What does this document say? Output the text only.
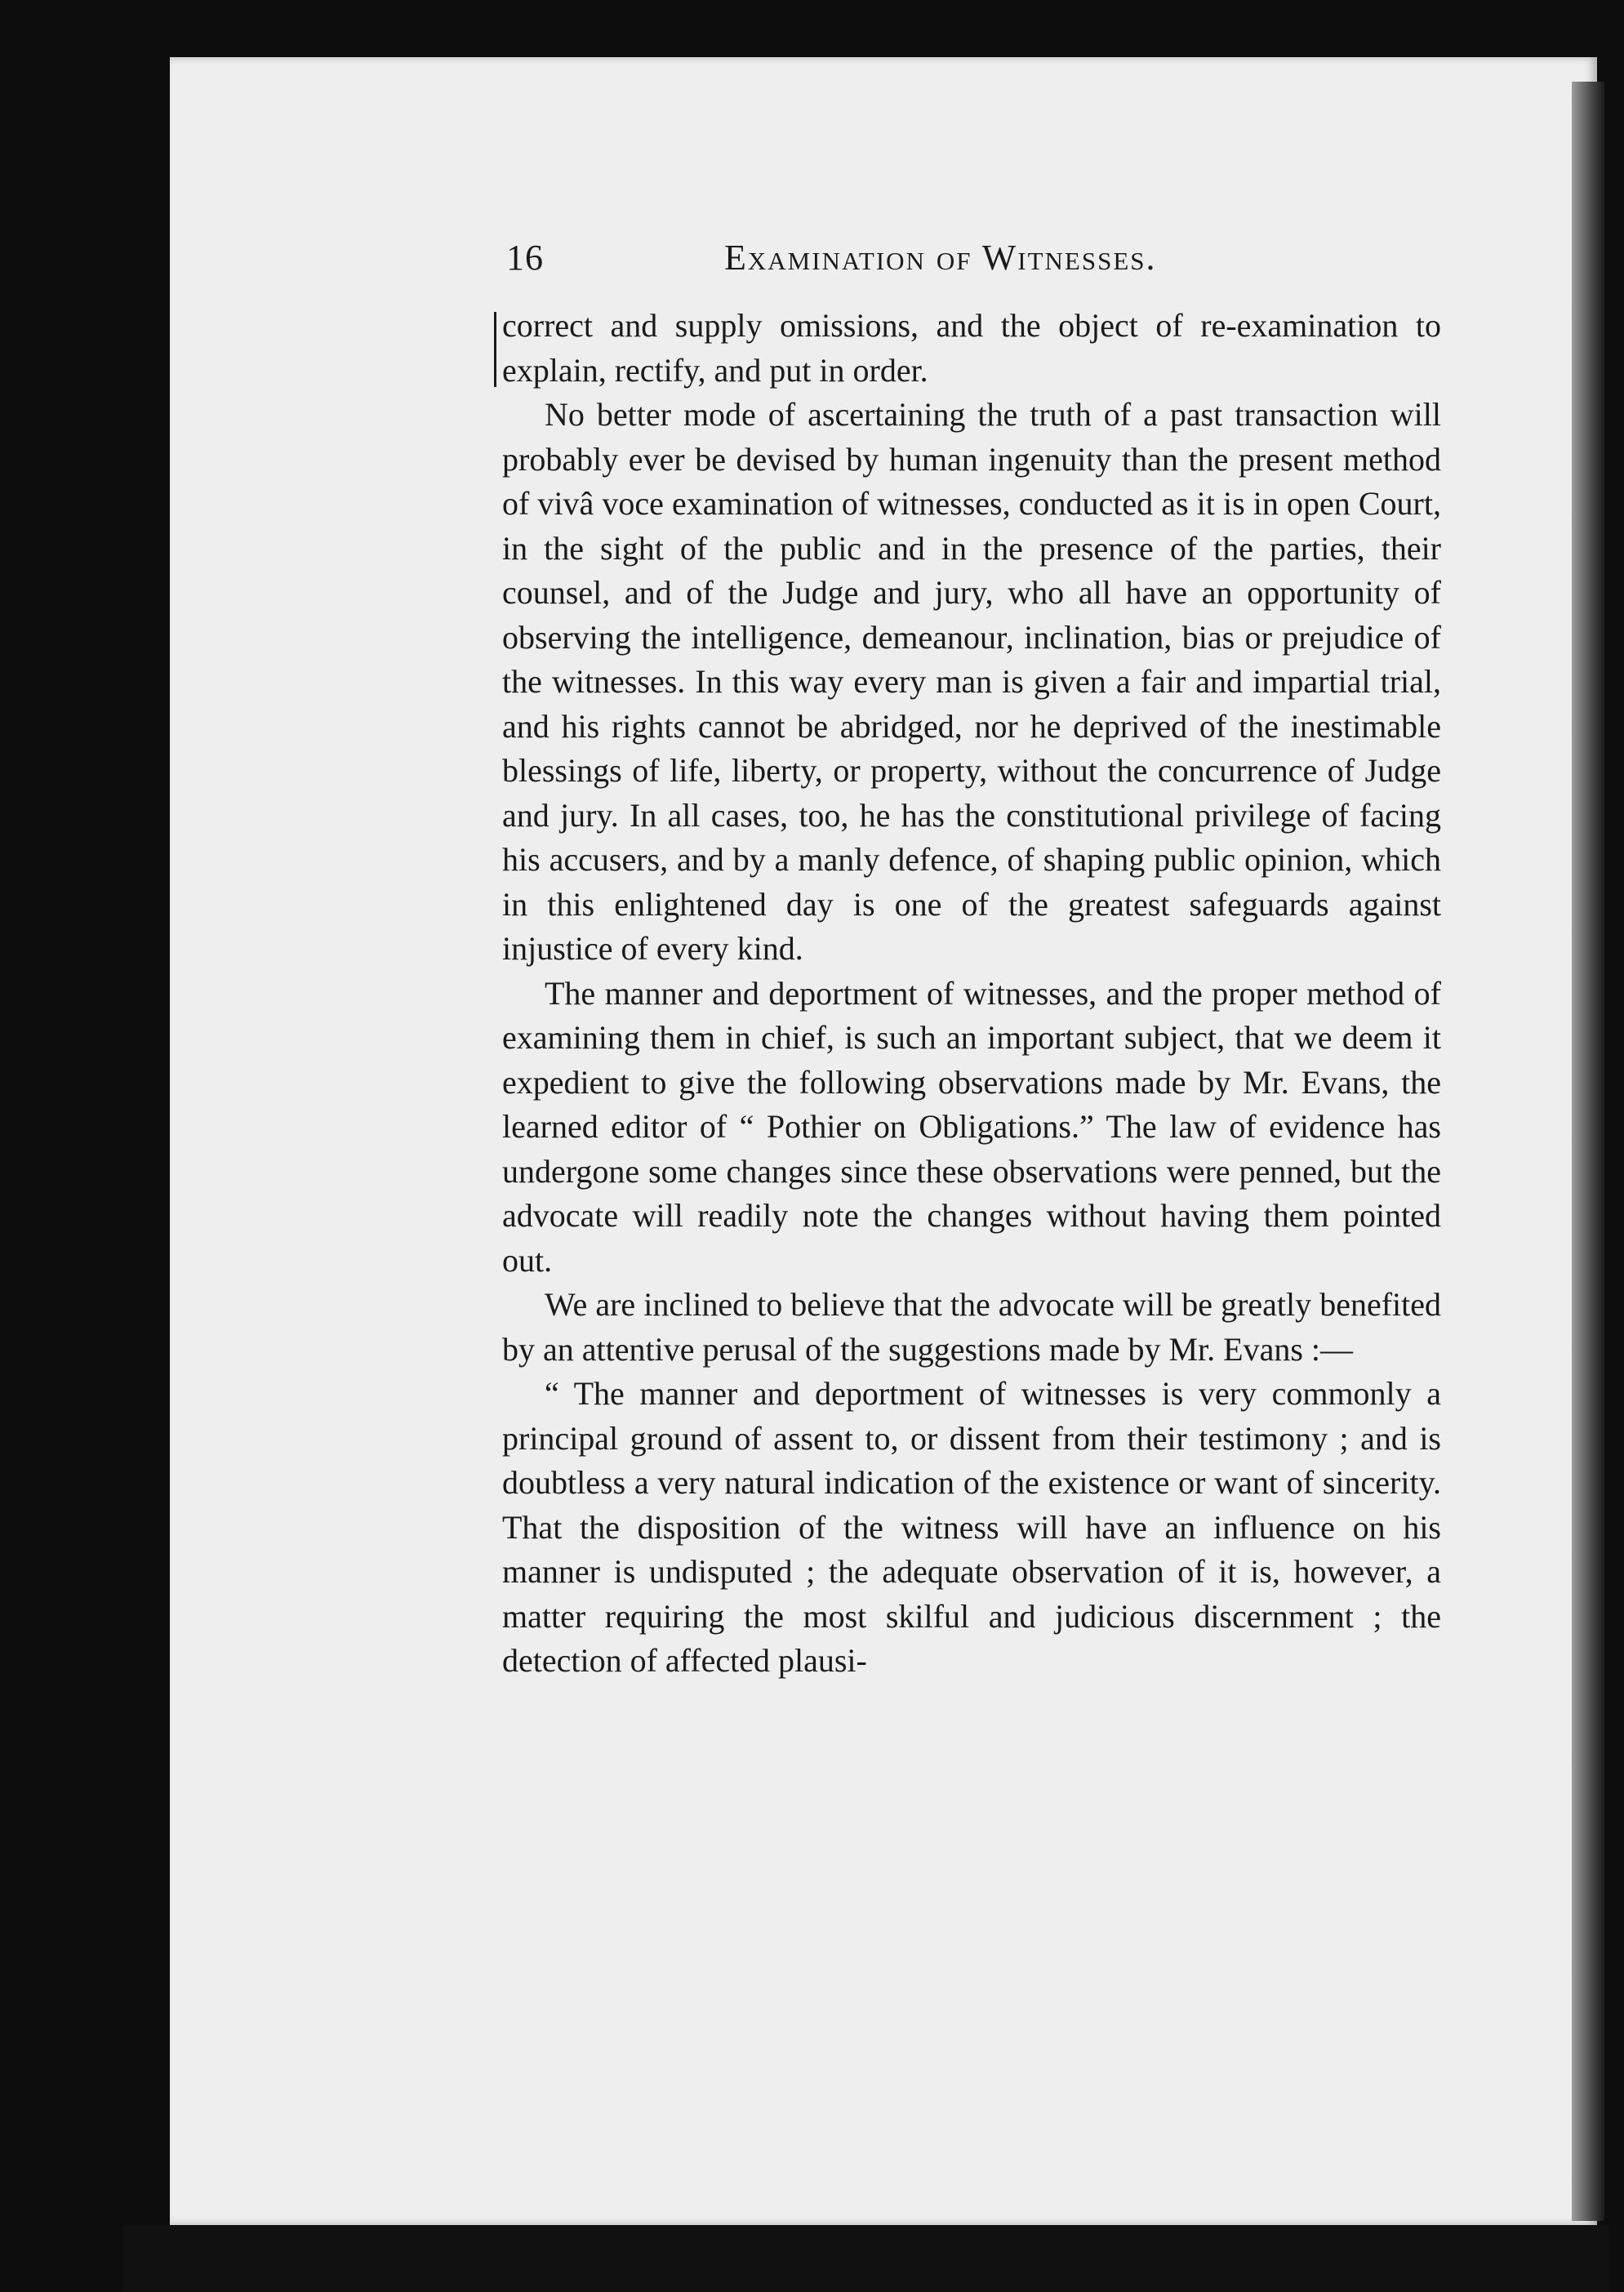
16	Examination of Witnesses.

correct and supply omissions, and the object of re-examination to explain, rectify, and put in order.

No better mode of ascertaining the truth of a past transaction will probably ever be devised by human ingenuity than the present method of vivâ voce examination of witnesses, conducted as it is in open Court, in the sight of the public and in the presence of the parties, their counsel, and of the Judge and jury, who all have an opportunity of observing the intelligence, demeanour, inclination, bias or prejudice of the witnesses. In this way every man is given a fair and impartial trial, and his rights cannot be abridged, nor he deprived of the inestimable blessings of life, liberty, or property, without the concurrence of Judge and jury. In all cases, too, he has the constitutional privilege of facing his accusers, and by a manly defence, of shaping public opinion, which in this enlightened day is one of the greatest safeguards against injustice of every kind.

The manner and deportment of witnesses, and the proper method of examining them in chief, is such an important subject, that we deem it expedient to give the following observations made by Mr. Evans, the learned editor of “ Pothier on Obligations.” The law of evidence has undergone some changes since these observations were penned, but the advocate will readily note the changes without having them pointed out.

We are inclined to believe that the advocate will be greatly benefited by an attentive perusal of the suggestions made by Mr. Evans :—

“ The manner and deportment of witnesses is very commonly a principal ground of assent to, or dissent from their testimony ; and is doubtless a very natural indication of the existence or want of sincerity. That the disposition of the witness will have an influence on his manner is undisputed ; the adequate observation of it is, however, a matter requiring the most skilful and judicious discernment ; the detection of affected plausi-
